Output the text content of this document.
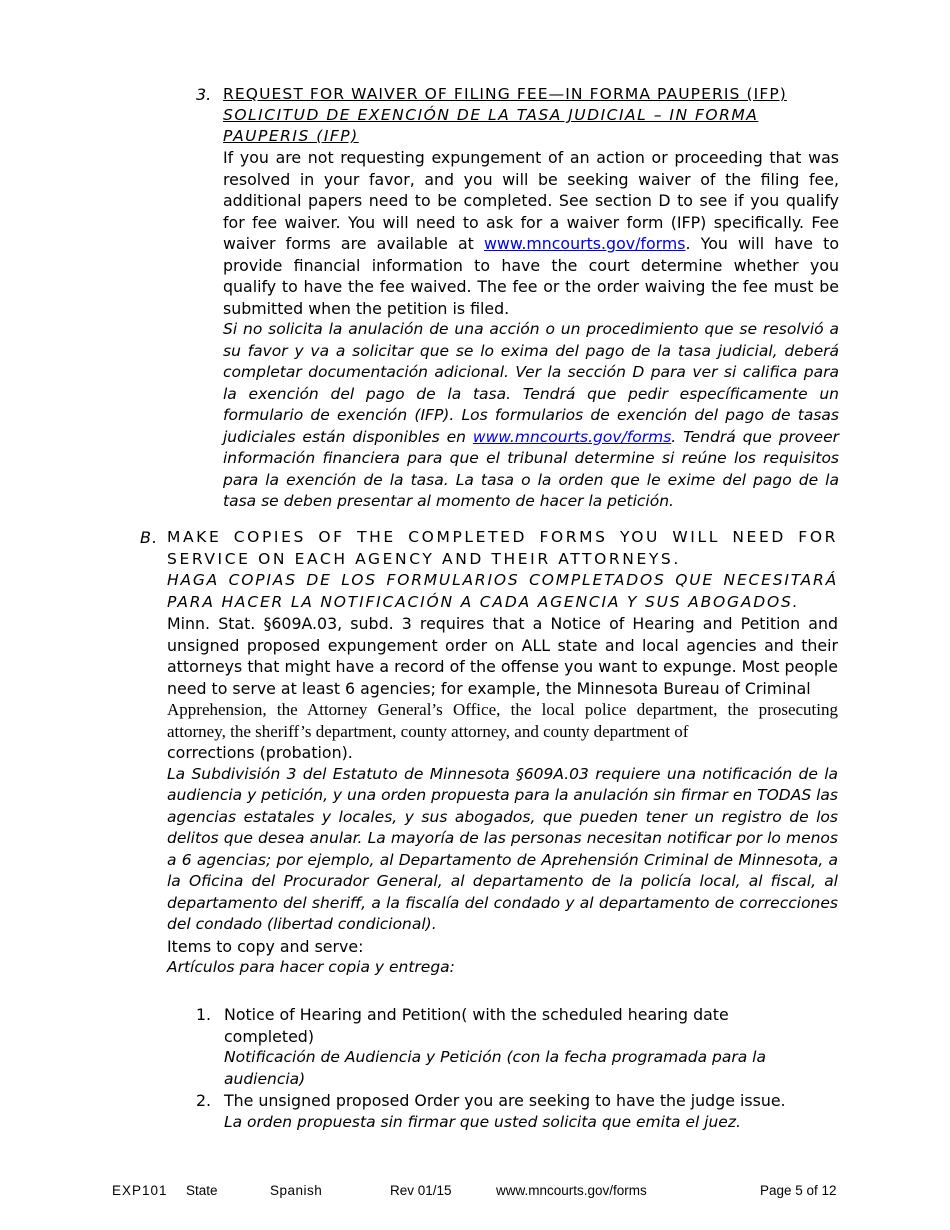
3. REQUEST FOR WAIVER OF FILING FEE—IN FORMA PAUPERIS (IFP)

SOLICITUD DE EXENCIÓN DE LA TASA JUDICIAL – IN FORMA PAUPERIS (IFP)

If you are not requesting expungement of an action or proceeding that was resolved in your favor, and you will be seeking waiver of the filing fee, additional papers need to be completed. See section D to see if you qualify for fee waiver. You will need to ask for a waiver form (IFP) specifically. Fee waiver forms are available at www.mncourts.gov/forms. You will have to provide financial information to have the court determine whether you qualify to have the fee waived. The fee or the order waiving the fee must be submitted when the petition is filed.

Si no solicita la anulación de una acción o un procedimiento que se resolvió a su favor y va a solicitar que se lo exima del pago de la tasa judicial, deberá completar documentación adicional. Ver la sección D para ver si califica para la exención del pago de la tasa. Tendrá que pedir específicamente un formulario de exención (IFP). Los formularios de exención del pago de tasas judiciales están disponibles en www.mncourts.gov/forms. Tendrá que proveer información financiera para que el tribunal determine si reúne los requisitos para la exención de la tasa. La tasa o la orden que le exime del pago de la tasa se deben presentar al momento de hacer la petición.

B. MAKE COPIES OF THE COMPLETED FORMS YOU WILL NEED FOR SERVICE ON EACH AGENCY AND THEIR ATTORNEYS.

HAGA COPIAS DE LOS FORMULARIOS COMPLETADOS QUE NECESITARÁ PARA HACER LA NOTIFICACIÓN A CADA AGENCIA Y SUS ABOGADOS.

Minn. Stat. §609A.03, subd. 3 requires that a Notice of Hearing and Petition and unsigned proposed expungement order on ALL state and local agencies and their attorneys that might have a record of the offense you want to expunge. Most people need to serve at least 6 agencies; for example, the Minnesota Bureau of Criminal

Apprehension, the Attorney General’s Office, the local police department, the prosecuting attorney, the sheriff’s department, county attorney, and county department of

corrections (probation).

La Subdivisión 3 del Estatuto de Minnesota §609A.03 requiere una notificación de la audiencia y petición, y una orden propuesta para la anulación sin firmar en TODAS las agencias estatales y locales, y sus abogados, que pueden tener un registro de los delitos que desea anular. La mayoría de las personas necesitan notificar por lo menos a 6 agencias; por ejemplo, al Departamento de Aprehensión Criminal de Minnesota, a la Oficina del Procurador General, al departamento de la policía local, al fiscal, al departamento del sheriff, a la fiscalía del condado y al departamento de correcciones del condado (libertad condicional).

Items to copy and serve:

Artículos para hacer copia y entrega:

1. Notice of Hearing and Petition( with the scheduled hearing date completed)

Notificación de Audiencia y Petición (con la fecha programada para la audiencia)

2. The unsigned proposed Order you are seeking to have the judge issue.

La orden propuesta sin firmar que usted solicita que emita el juez.

EXP101 State	Spanish	Rev 01/15	www.mncourts.gov/forms	Page 5 of 12
